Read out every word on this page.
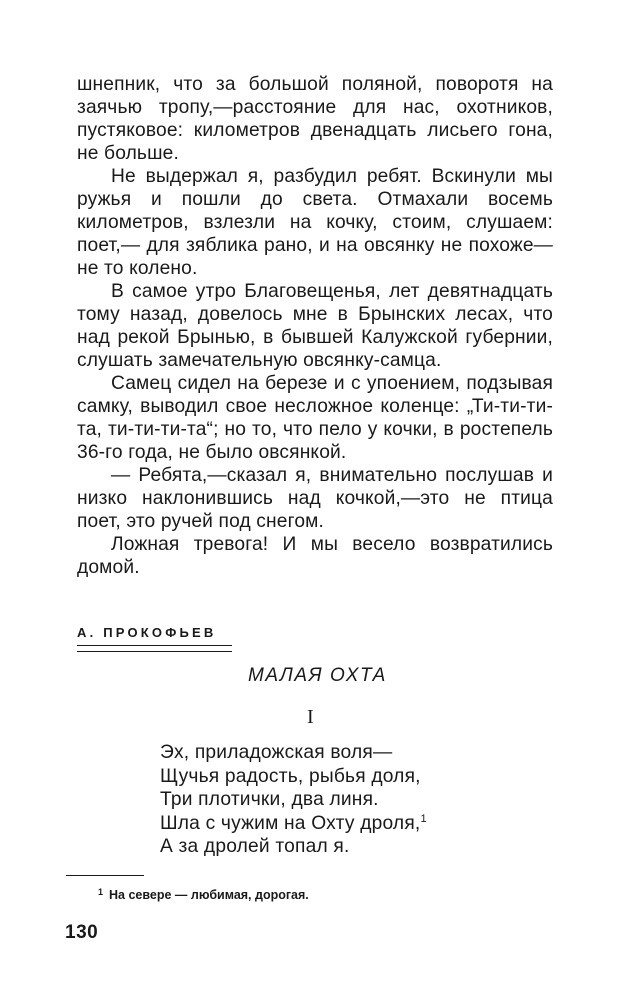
шнепник, что за большой поляной, поворотя на заячью тропу,—расстояние для нас, охотников, пустяковое: километров двенадцать лисьего гона, не больше.

Не выдержал я, разбудил ребят. Вскинули мы ружья и пошли до света. Отмахали восемь километров, взлезли на кочку, стоим, слушаем: поет,— для зяблика рано, и на овсянку не похоже—не то колено.

В самое утро Благовещенья, лет девятнадцать тому назад, довелось мне в Брынских лесах, что над рекой Брынью, в бывшей Калужской губернии, слушать замечательную овсянку-самца.

Самец сидел на березе и с упоением, подзывая самку, выводил свое несложное коленце: „Ти-ти-ти-та, ти-ти-ти-та“; но то, что пело у кочки, в ростепель 36-го года, не было овсянкой.

— Ребята,—сказал я, внимательно послушав и низко наклонившись над кочкой,—это не птица поет, это ручей под снегом.

Ложная тревога! И мы весело возвратились домой.

А. ПРОКОФЬЕВ
МАЛАЯ ОХТА
I
Эх, приладожская воля—
Щучья радость, рыбья доля,
Три плотички, два линя.
Шла с чужим на Охту дроля,$^1$
А за дролей топал я.
$^1$ На севере — любимая, дорогая.
130
